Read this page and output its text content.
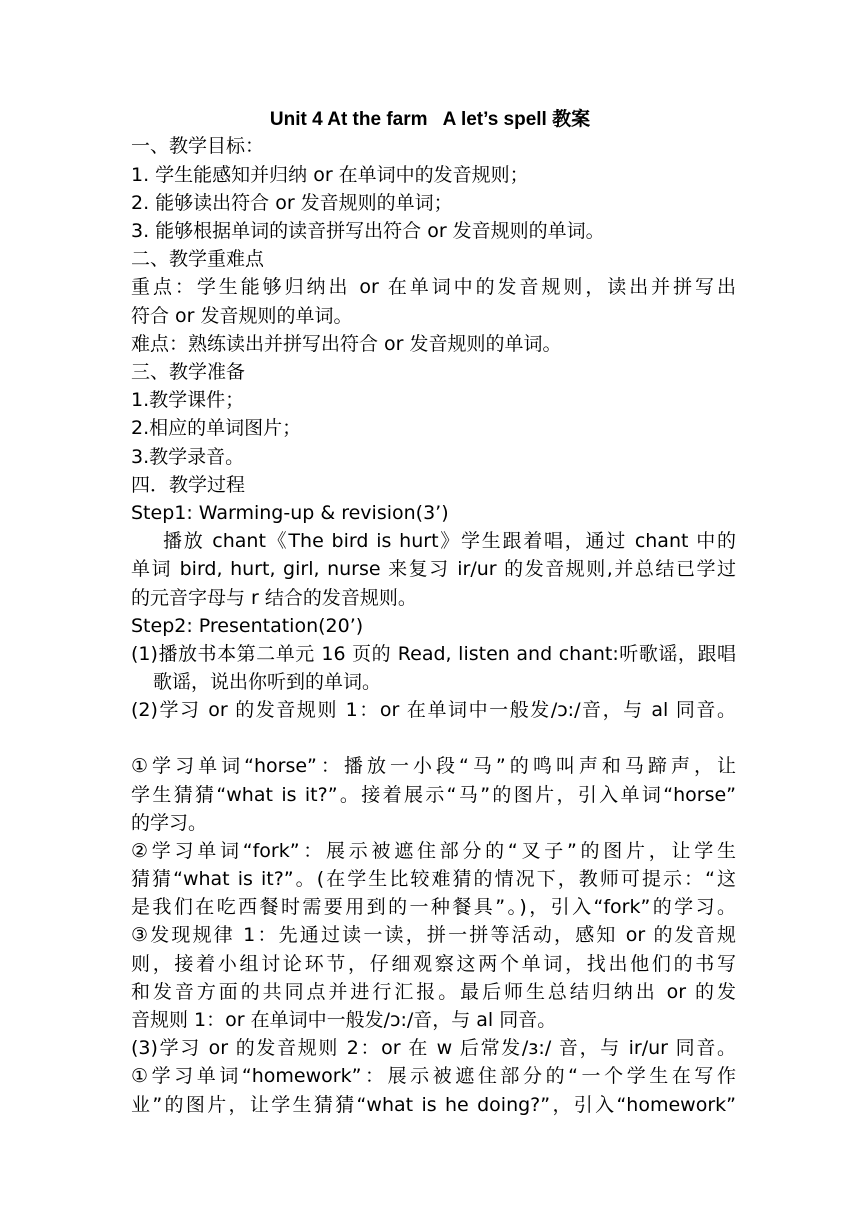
Unit 4 At the farm   A let’s spell 教案
一、教学目标：
1. 学生能感知并归纳 or 在单词中的发音规则；
2. 能够读出符合 or 发音规则的单词；
3. 能够根据单词的读音拼写出符合 or 发音规则的单词。
二、教学重难点
重点：学生能够归纳出 or 在单词中的发音规则，读出并拼写出
符合 or 发音规则的单词。
难点：熟练读出并拼写出符合 or 发音规则的单词。
三、教学准备
1.教学课件；
2.相应的单词图片；
3.教学录音。
四．教学过程
Step1: Warming-up & revision(3’)
播放 chant《The bird is hurt》学生跟着唱，通过 chant 中的
单词 bird, hurt, girl, nurse 来复习 ir/ur 的发音规则,并总结已学过
的元音字母与 r 结合的发音规则。
Step2: Presentation(20’)
(1)播放书本第二单元 16 页的 Read, listen and chant:听歌谣，跟唱
歌谣，说出你听到的单词。
(2)学习 or 的发音规则 1：or 在单词中一般发/ɔ:/音，与 al 同音。
①学习单词“horse”：播放一小段“马”的鸣叫声和马蹄声，让
学生猜猜“what is it?”。接着展示“马”的图片，引入单词“horse”
的学习。
②学习单词“fork”：展示被遮住部分的“叉子”的图片，让学生
猜猜“what is it?”。(在学生比较难猜的情况下，教师可提示：“这
是我们在吃西餐时需要用到的一种餐具”。)，引入“fork”的学习。
③发现规律 1：先通过读一读，拼一拼等活动，感知 or 的发音规
则，接着小组讨论环节，仔细观察这两个单词，找出他们的书写
和发音方面的共同点并进行汇报。最后师生总结归纳出 or 的发
音规则 1：or 在单词中一般发/ɔ:/音，与 al 同音。
(3)学习 or 的发音规则 2：or 在 w 后常发/ɜ:/ 音，与 ir/ur 同音。
①学习单词“homework”：展示被遮住部分的“一个学生在写作
业”的图片，让学生猜猜“what is he doing?”，引入“homework”
